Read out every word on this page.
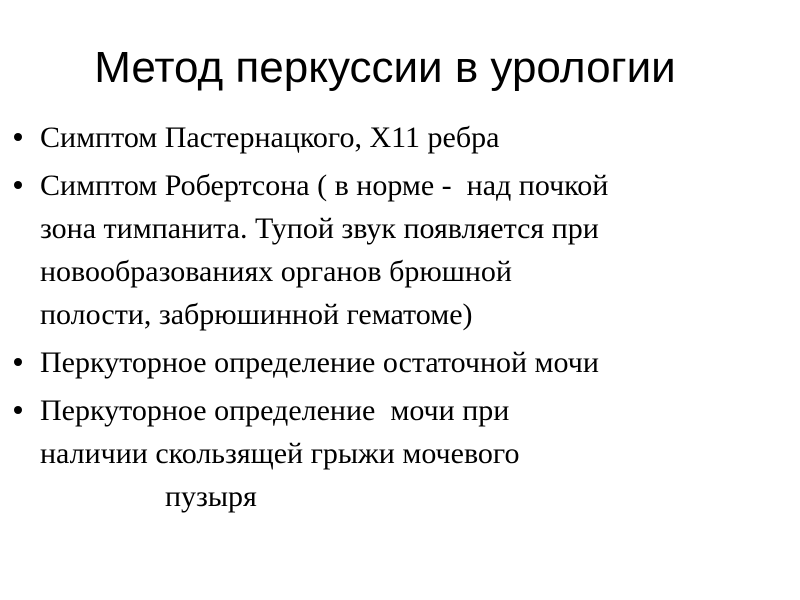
Метод перкуссии в урологии
Симптом Пастернацкого, Х11 ребра
Симптом Робертсона ( в норме -  над почкой
зона тимпанита. Тупой звук появляется при
новообразованиях органов брюшной
полости, забрюшинной гематоме)
Перкуторное определение остаточной мочи
Перкуторное определение  мочи при
наличии скользящей грыжи мочевого
пузыря
